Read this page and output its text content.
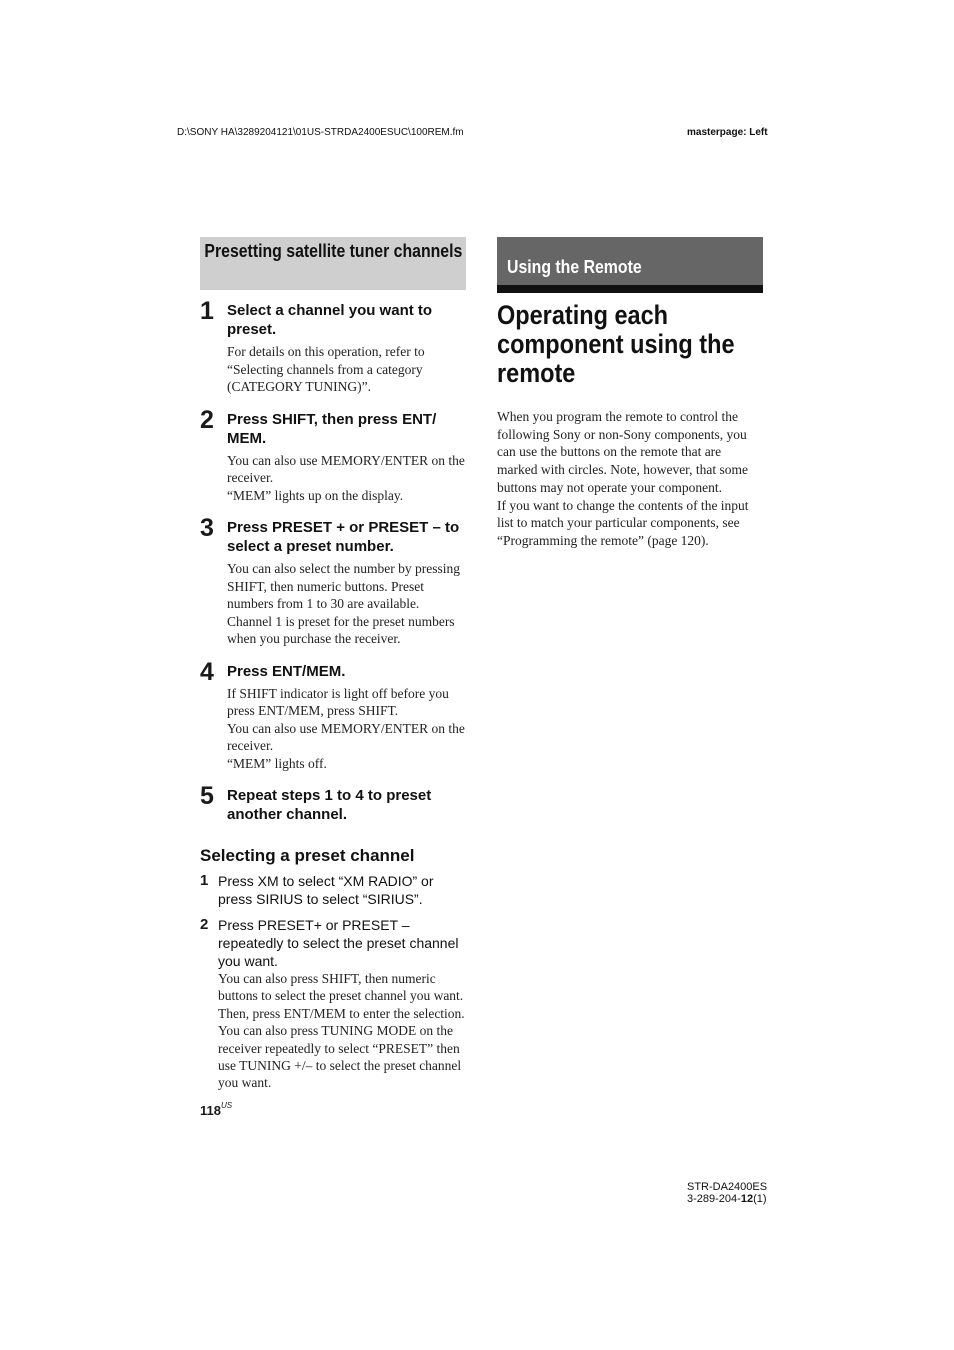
D:\SONY HA\3289204121\01US-STRDA2400ESUC\100REM.fm	masterpage: Left
Presetting satellite tuner channels
1 Select a channel you want to preset.
For details on this operation, refer to “Selecting channels from a category (CATEGORY TUNING)”.
2 Press SHIFT, then press ENT/ MEM.
You can also use MEMORY/ENTER on the receiver.
“MEM” lights up on the display.
3 Press PRESET + or PRESET – to select a preset number.
You can also select the number by pressing SHIFT, then numeric buttons. Preset numbers from 1 to 30 are available. Channel 1 is preset for the preset numbers when you purchase the receiver.
4 Press ENT/MEM.
If SHIFT indicator is light off before you press ENT/MEM, press SHIFT.
You can also use MEMORY/ENTER on the receiver.
“MEM” lights off.
5 Repeat steps 1 to 4 to preset another channel.
Selecting a preset channel
1 Press XM to select “XM RADIO” or press SIRIUS to select “SIRIUS”.
2 Press PRESET+ or PRESET – repeatedly to select the preset channel you want.
You can also press SHIFT, then numeric buttons to select the preset channel you want. Then, press ENT/MEM to enter the selection.
You can also press TUNING MODE on the receiver repeatedly to select “PRESET” then use TUNING +/– to select the preset channel you want.
$118^{US}$
Using the Remote
Operating each component using the remote
When you program the remote to control the following Sony or non-Sony components, you can use the buttons on the remote that are marked with circles. Note, however, that some buttons may not operate your component.
If you want to change the contents of the input list to match your particular components, see “Programming the remote” (page 120).
STR-DA2400ES
3-289-204-12(1)
